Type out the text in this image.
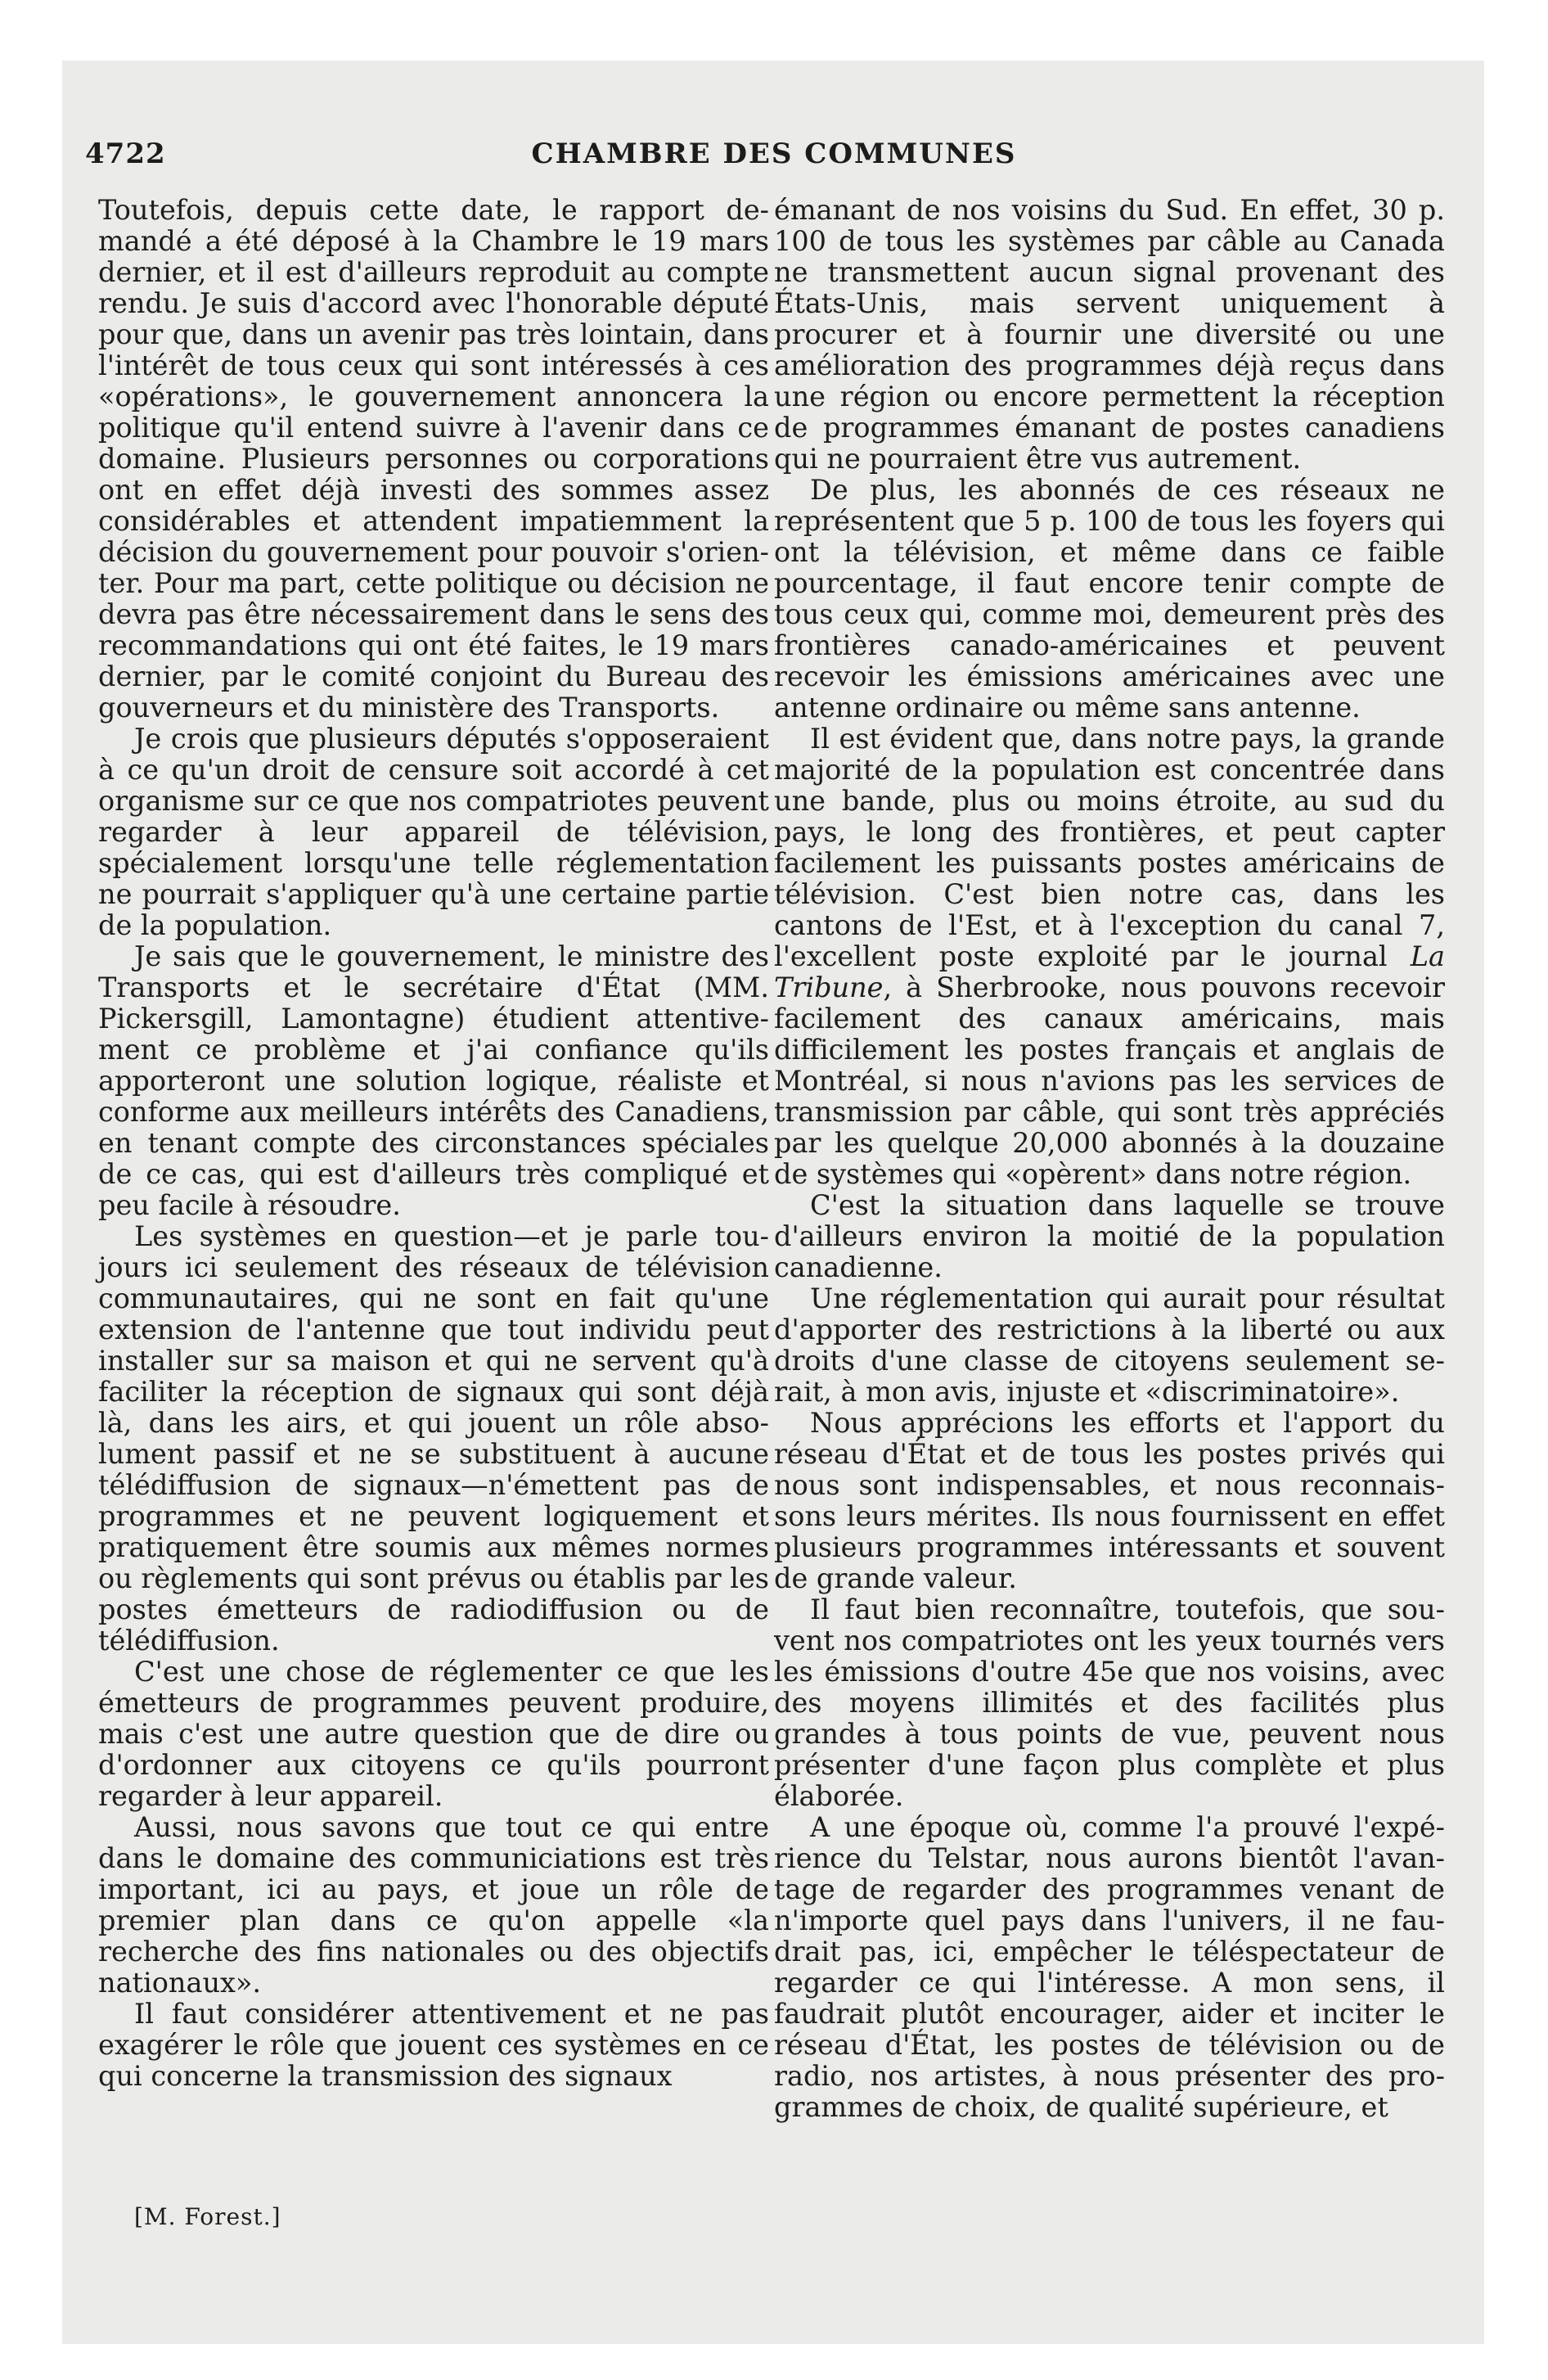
4722	CHAMBRE DES COMMUNES

Toutefois, depuis cette date, le rapport demandé a été déposé à la Chambre le 19 mars dernier, et il est d'ailleurs reproduit au compte rendu. Je suis d'accord avec l'honorable député pour que, dans un avenir pas très lointain, dans l'intérêt de tous ceux qui sont intéressés à ces «opérations», le gouvernement annoncera la politique qu'il entend suivre à l'avenir dans ce domaine. Plusieurs personnes ou corporations ont en effet déjà investi des sommes assez considérables et attendent impatiemment la décision du gouvernement pour pouvoir s'orienter. Pour ma part, cette politique ou décision ne devra pas être nécessairement dans le sens des recommandations qui ont été faites, le 19 mars dernier, par le comité conjoint du Bureau des gouverneurs et du ministère des Transports.

Je crois que plusieurs députés s'opposeraient à ce qu'un droit de censure soit accordé à cet organisme sur ce que nos compatriotes peuvent regarder à leur appareil de télévision, spécialement lorsqu'une telle réglementation ne pourrait s'appliquer qu'à une certaine partie de la population.

Je sais que le gouvernement, le ministre des Transports et le secrétaire d'État (MM. Pickersgill, Lamontagne) étudient attentivement ce problème et j'ai confiance qu'ils apporteront une solution logique, réaliste et conforme aux meilleurs intérêts des Canadiens, en tenant compte des circonstances spéciales de ce cas, qui est d'ailleurs très compliqué et peu facile à résoudre.

Les systèmes en question—et je parle toujours ici seulement des réseaux de télévision communautaires, qui ne sont en fait qu'une extension de l'antenne que tout individu peut installer sur sa maison et qui ne servent qu'à faciliter la réception de signaux qui sont déjà là, dans les airs, et qui jouent un rôle absolument passif et ne se substituent à aucune télédiffusion de signaux—n'émettent pas de programmes et ne peuvent logiquement et pratiquement être soumis aux mêmes normes ou règlements qui sont prévus ou établis par les postes émetteurs de radiodiffusion ou de télédiffusion.

C'est une chose de réglementer ce que les émetteurs de programmes peuvent produire, mais c'est une autre question que de dire ou d'ordonner aux citoyens ce qu'ils pourront regarder à leur appareil.

Aussi, nous savons que tout ce qui entre dans le domaine des communiciations est très important, ici au pays, et joue un rôle de premier plan dans ce qu'on appelle «la recherche des fins nationales ou des objectifs nationaux».

Il faut considérer attentivement et ne pas exagérer le rôle que jouent ces systèmes en ce qui concerne la transmission des signaux

émanant de nos voisins du Sud. En effet, 30 p. 100 de tous les systèmes par câble au Canada ne transmettent aucun signal provenant des États-Unis, mais servent uniquement à procurer et à fournir une diversité ou une amélioration des programmes déjà reçus dans une région ou encore permettent la réception de programmes émanant de postes canadiens qui ne pourraient être vus autrement.

De plus, les abonnés de ces réseaux ne représentent que 5 p. 100 de tous les foyers qui ont la télévision, et même dans ce faible pourcentage, il faut encore tenir compte de tous ceux qui, comme moi, demeurent près des frontières canado-américaines et peuvent recevoir les émissions américaines avec une antenne ordinaire ou même sans antenne.

Il est évident que, dans notre pays, la grande majorité de la population est concentrée dans une bande, plus ou moins étroite, au sud du pays, le long des frontières, et peut capter facilement les puissants postes américains de télévision. C'est bien notre cas, dans les cantons de l'Est, et à l'exception du canal 7, l'excellent poste exploité par le journal La Tribune, à Sherbrooke, nous pouvons recevoir facilement des canaux américains, mais difficilement les postes français et anglais de Montréal, si nous n'avions pas les services de transmission par câble, qui sont très appréciés par les quelque 20,000 abonnés à la douzaine de systèmes qui «opèrent» dans notre région.

C'est la situation dans laquelle se trouve d'ailleurs environ la moitié de la population canadienne.

Une réglementation qui aurait pour résultat d'apporter des restrictions à la liberté ou aux droits d'une classe de citoyens seulement serait, à mon avis, injuste et «discriminatoire».

Nous apprécions les efforts et l'apport du réseau d'État et de tous les postes privés qui nous sont indispensables, et nous reconnaissons leurs mérites. Ils nous fournissent en effet plusieurs programmes intéressants et souvent de grande valeur.

Il faut bien reconnaître, toutefois, que souvent nos compatriotes ont les yeux tournés vers les émissions d'outre 45e que nos voisins, avec des moyens illimités et des facilités plus grandes à tous points de vue, peuvent nous présenter d'une façon plus complète et plus élaborée.

A une époque où, comme l'a prouvé l'expérience du Telstar, nous aurons bientôt l'avantage de regarder des programmes venant de n'importe quel pays dans l'univers, il ne faudrait pas, ici, empêcher le téléspectateur de regarder ce qui l'intéresse. A mon sens, il faudrait plutôt encourager, aider et inciter le réseau d'État, les postes de télévision ou de radio, nos artistes, à nous présenter des programmes de choix, de qualité supérieure, et

[M. Forest.]
